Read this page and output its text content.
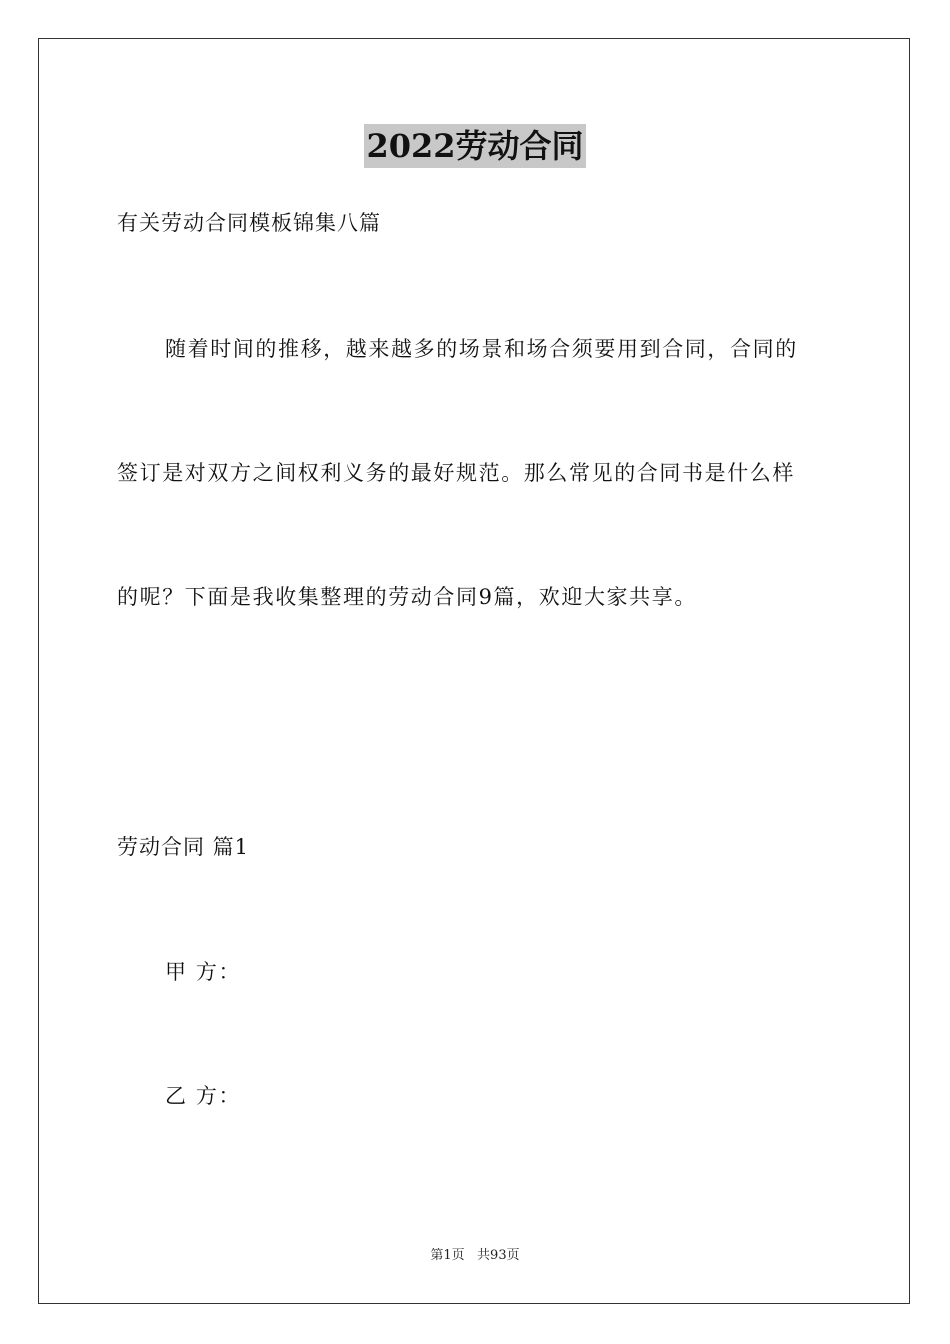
2022劳动合同
有关劳动合同模板锦集八篇
随着时间的推移，越来越多的场景和场合须要用到合同，合同的
签订是对双方之间权利义务的最好规范。那么常见的合同书是什么样
的呢？下面是我收集整理的劳动合同9篇，欢迎大家共享。
劳动合同 篇1
甲 方：
乙 方：
第1页   共93页
